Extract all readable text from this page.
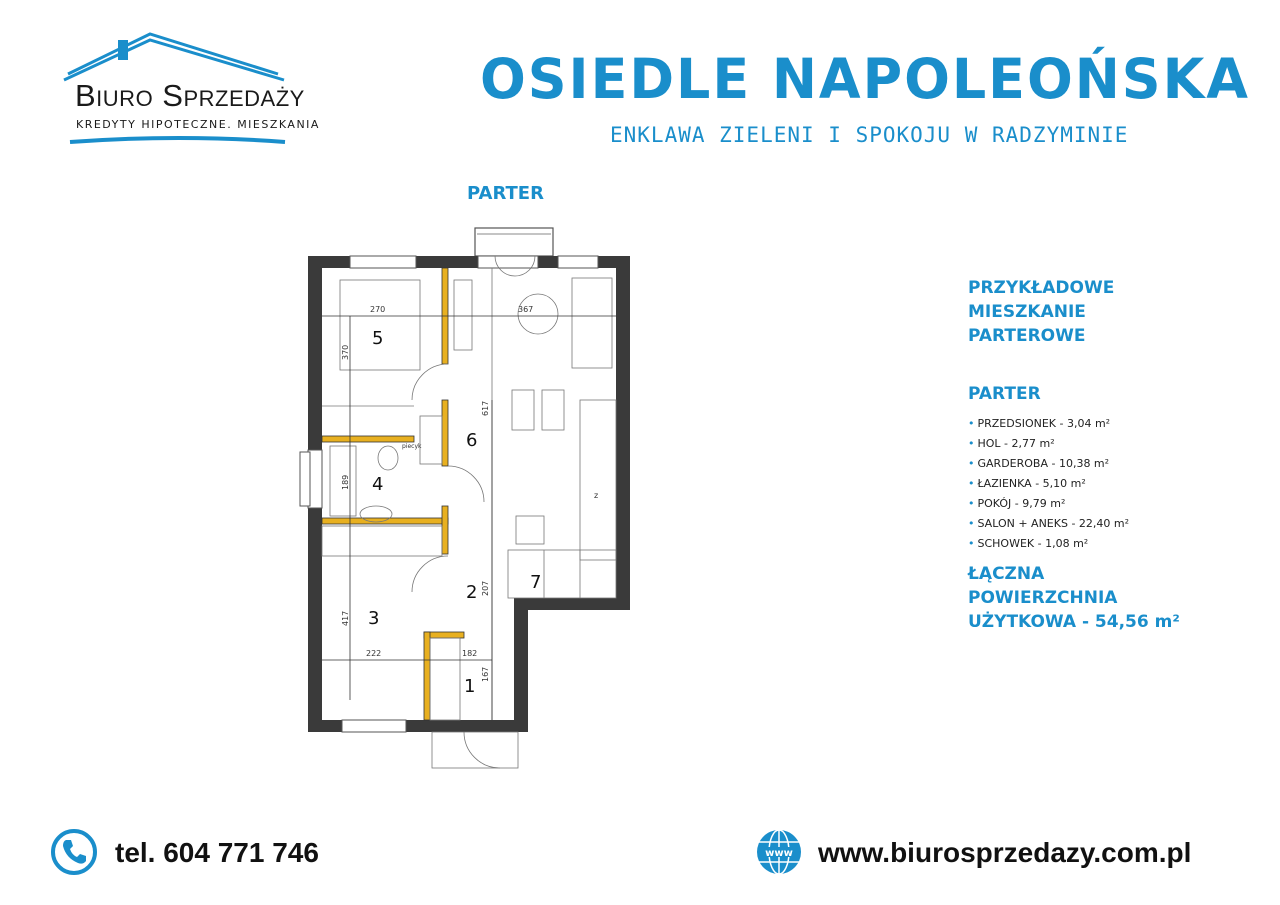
Biuro Sprzedaży
KREDYTY HIPOTECZNE. MIESZKANIA
OSIEDLE NAPOLEOŃSKA
ENKLAWA ZIELENI I SPOKOJU W RADZYMINIE
PARTER
270	367
370
617
189
417
222	182
207
167
piecyk
z
5
6
4
3
2	7
1
PRZYKŁADOWE MIESZKANIE PARTEROWE
PARTER
• PRZEDSIONEK - 3,04 m²
• HOL - 2,77 m²
• GARDEROBA - 10,38 m²
• ŁAZIENKA - 5,10 m²
• POKÓJ - 9,79 m²
• SALON + ANEKS - 22,40 m²
• SCHOWEK - 1,08 m²
ŁĄCZNA POWIERZCHNIA UŻYTKOWA - 54,56 m²
tel. 604 771 746	www www.biurosprzedazy.com.pl
